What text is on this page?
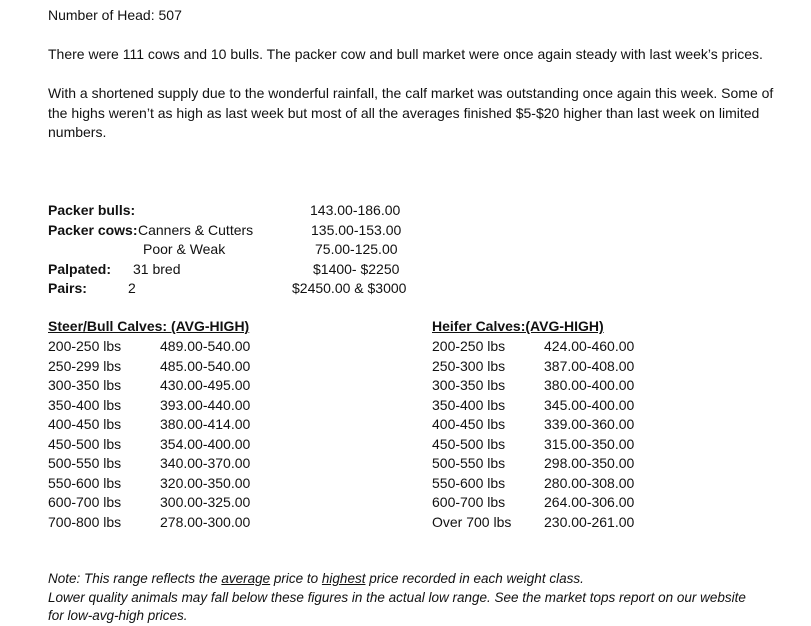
Number of Head: 507
There were 111 cows and 10 bulls. The packer cow and bull market were once again steady with last week’s prices.
With a shortened supply due to the wonderful rainfall, the calf market was outstanding once again this week. Some of the highs weren’t as high as last week but most of all the averages finished $5-$20 higher than last week on limited numbers.
Packer bulls:	143.00-186.00
Packer cows: Canners & Cutters	135.00-153.00
Poor & Weak	75.00-125.00
Palpated: 31 bred	$1400- $2250
Pairs:	2	$2450.00 & $3000
Steer/Bull Calves: (AVG-HIGH)
200-250 lbs	489.00-540.00
250-299 lbs	485.00-540.00
300-350 lbs	430.00-495.00
350-400 lbs	393.00-440.00
400-450 lbs	380.00-414.00
450-500 lbs	354.00-400.00
500-550 lbs	340.00-370.00
550-600 lbs	320.00-350.00
600-700 lbs	300.00-325.00
700-800 lbs	278.00-300.00
Heifer Calves:(AVG-HIGH)
200-250 lbs	424.00-460.00
250-300 lbs	387.00-408.00
300-350 lbs	380.00-400.00
350-400 lbs	345.00-400.00
400-450 lbs	339.00-360.00
450-500 lbs	315.00-350.00
500-550 lbs	298.00-350.00
550-600 lbs	280.00-308.00
600-700 lbs	264.00-306.00
Over 700 lbs 230.00-261.00
Note: This range reflects the average price to highest price recorded in each weight class.
Lower quality animals may fall below these figures in the actual low range. See the market tops report on our website
for low-avg-high prices.
